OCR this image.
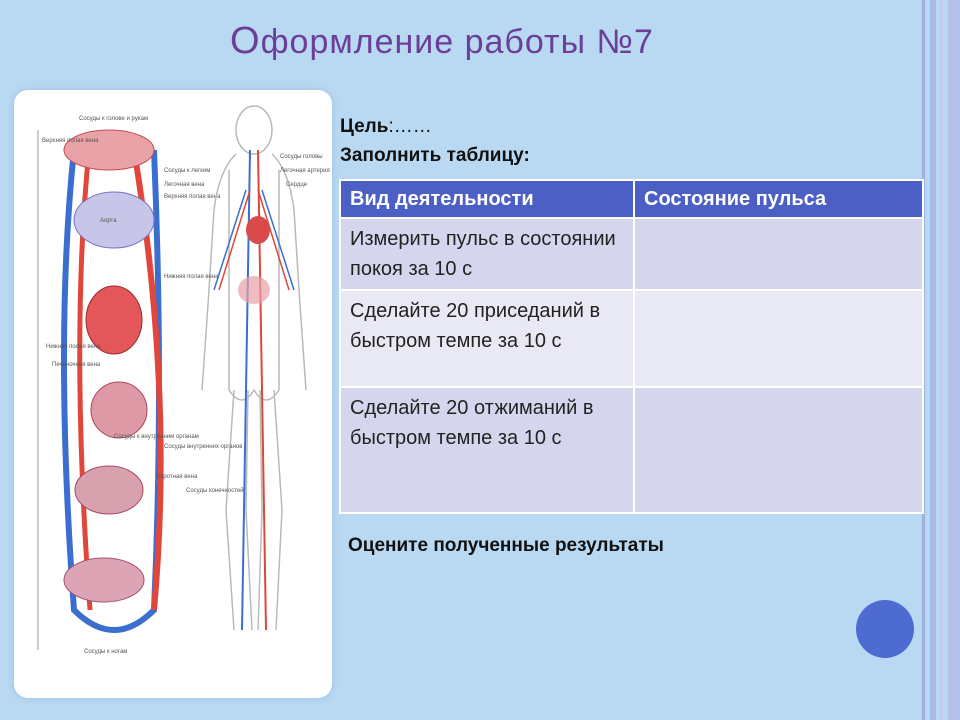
Оформление работы №7
Сосуды к голове и рукам
Верхняя полая вена
Сосуды к легким
Легочная вена
Верхняя полая вена
Аорта
Нижняя полая вена
Печеночная вена
Сосуды к внутренним органам
Воротная вена
Сосуды к ногам
Сосуды головы
Легочная артерия
Сердце
Нижняя полая вена
Сосуды внутренних органов
Сосуды конечностей
Цель:……
Заполнить таблицу:
Вид деятельности	Состояние пульса
Измерить пульс в состоянии покоя за 10 с	
Сделайте 20 приседаний в быстром темпе за 10 с	
Сделайте 20 отжиманий в быстром темпе за 10 с	
Оцените полученные результаты
